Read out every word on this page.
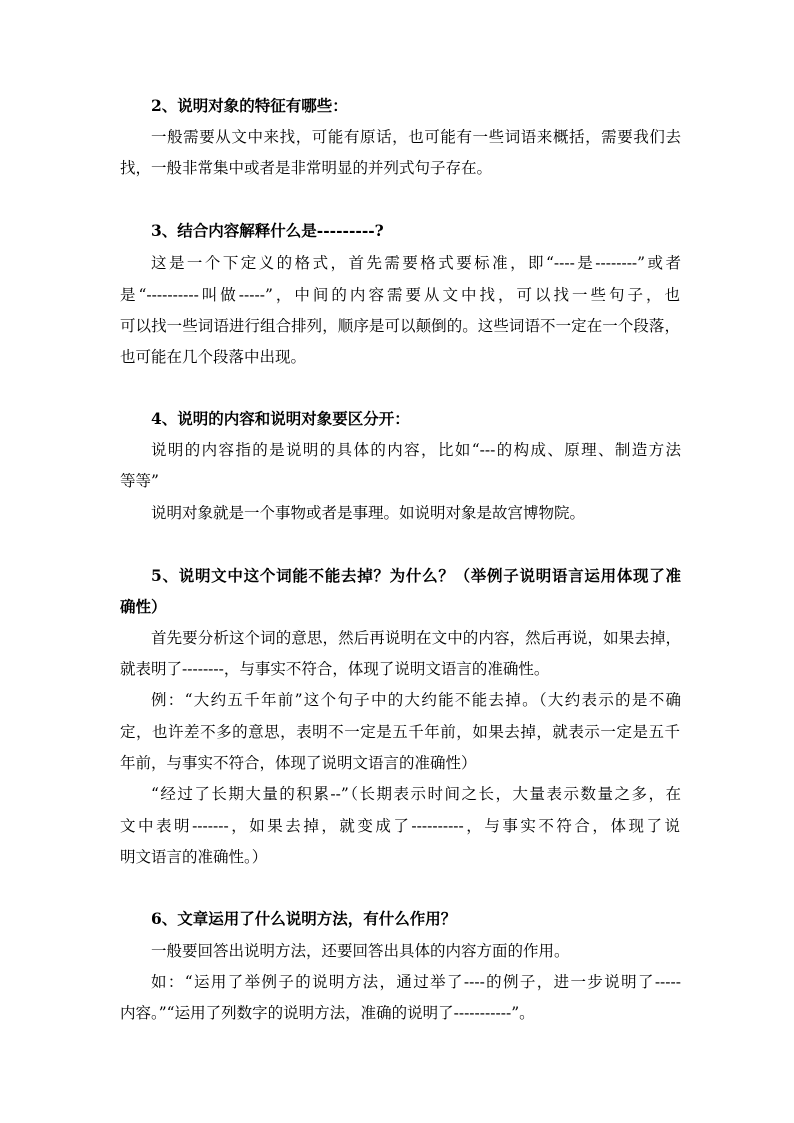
2、说明对象的特征有哪些：
一般需要从文中来找，可能有原话，也可能有一些词语来概括，需要我们去
找，一般非常集中或者是非常明显的并列式句子存在。
3、结合内容解释什么是---------?
这是一个下定义的格式，首先需要格式要标准，即“----是--------”或者
是“----------叫做-----”，中间的内容需要从文中找，可以找一些句子，也
可以找一些词语进行组合排列，顺序是可以颠倒的。这些词语不一定在一个段落，
也可能在几个段落中出现。
4、说明的内容和说明对象要区分开：
说明的内容指的是说明的具体的内容，比如“---的构成、原理、制造方法
等等”
说明对象就是一个事物或者是事理。如说明对象是故宫博物院。
5、说明文中这个词能不能去掉？为什么？（举例子说明语言运用体现了准
确性）
首先要分析这个词的意思，然后再说明在文中的内容，然后再说，如果去掉，
就表明了--------，与事实不符合，体现了说明文语言的准确性。
例：“大约五千年前”这个句子中的大约能不能去掉。（大约表示的是不确
定，也许差不多的意思，表明不一定是五千年前，如果去掉，就表示一定是五千
年前，与事实不符合，体现了说明文语言的准确性）
“经过了长期大量的积累--”（长期表示时间之长，大量表示数量之多，在
文中表明-------，如果去掉，就变成了----------，与事实不符合，体现了说
明文语言的准确性。）
6、文章运用了什么说明方法，有什么作用？
一般要回答出说明方法，还要回答出具体的内容方面的作用。
如：“运用了举例子的说明方法，通过举了----的例子，进一步说明了-----
内容。”“运用了列数字的说明方法，准确的说明了-----------”。
